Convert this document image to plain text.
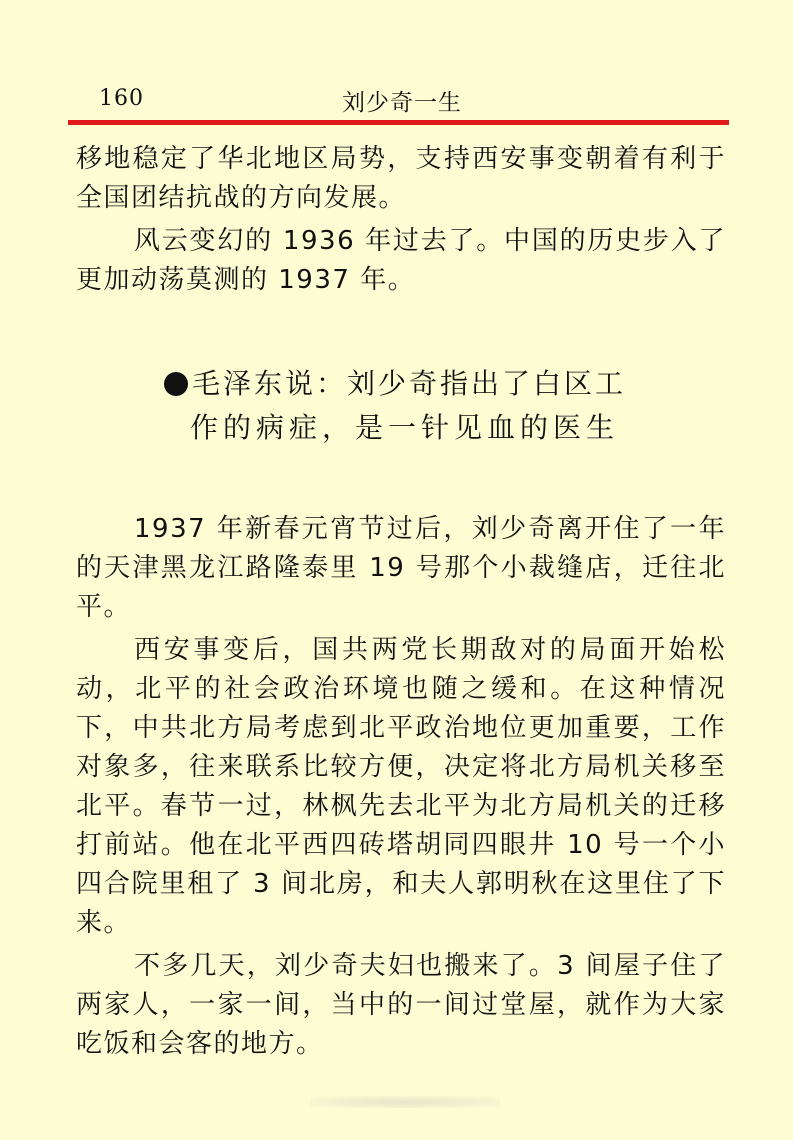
160	刘少奇一生

移地稳定了华北地区局势，支持西安事变朝着有利于全国团结抗战的方向发展。

风云变幻的 1936 年过去了。中国的历史步入了更加动荡莫测的 1937 年。

毛泽东说：刘少奇指出了白区工
作的病症，是一针见血的医生

1937 年新春元宵节过后，刘少奇离开住了一年的天津黑龙江路隆泰里 19 号那个小裁缝店，迁往北平。

西安事变后，国共两党长期敌对的局面开始松动，北平的社会政治环境也随之缓和。在这种情况下，中共北方局考虑到北平政治地位更加重要，工作对象多，往来联系比较方便，决定将北方局机关移至北平。春节一过，林枫先去北平为北方局机关的迁移打前站。他在北平西四砖塔胡同四眼井 10 号一个小四合院里租了 3 间北房，和夫人郭明秋在这里住了下来。

不多几天，刘少奇夫妇也搬来了。3 间屋子住了两家人，一家一间，当中的一间过堂屋，就作为大家吃饭和会客的地方。
